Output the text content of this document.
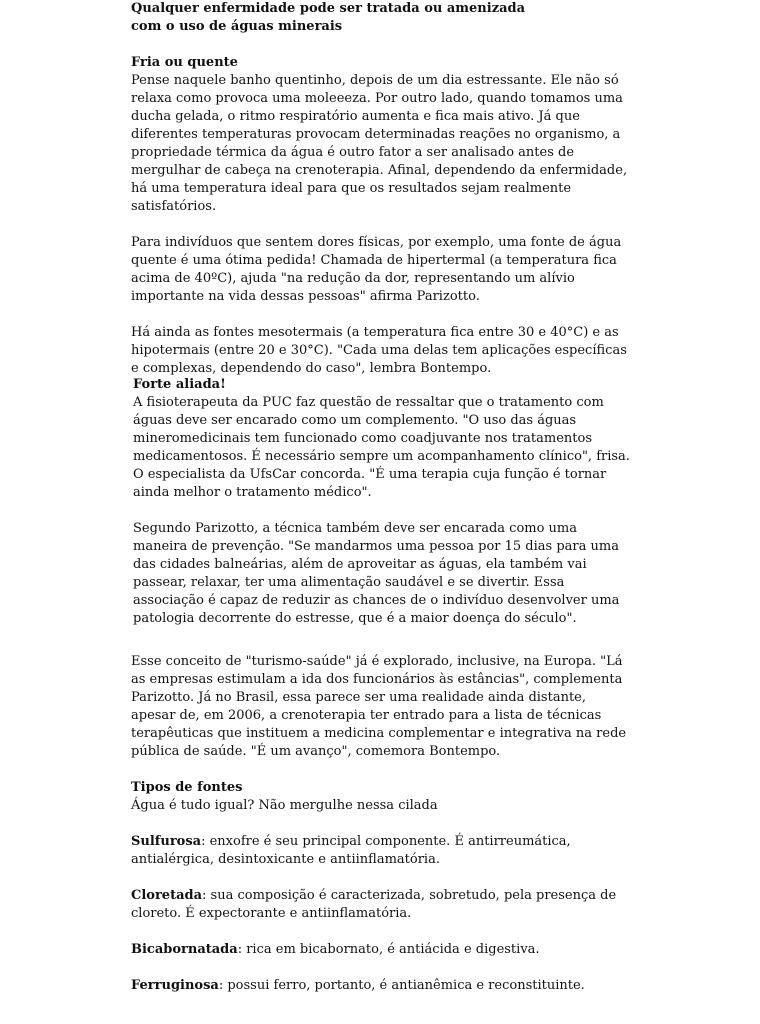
Qualquer enfermidade pode ser tratada ou amenizada

com o uso de águas minerais

Fria ou quente

Pense naquele banho quentinho, depois de um dia estressante. Ele não só relaxa como provoca uma moleeeza. Por outro lado, quando tomamos uma ducha gelada, o ritmo respiratório aumenta e fica mais ativo. Já que diferentes temperaturas provocam determinadas reações no organismo, a propriedade térmica da água é outro fator a ser analisado antes de mergulhar de cabeça na crenoterapia. Afinal, dependendo da enfermidade, há uma temperatura ideal para que os resultados sejam realmente satisfatórios.

Para indivíduos que sentem dores físicas, por exemplo, uma fonte de água quente é uma ótima pedida! Chamada de hipertermal (a temperatura fica acima de 40ºC), ajuda "na redução da dor, representando um alívio importante na vida dessas pessoas" afirma Parizotto.

Há ainda as fontes mesotermais (a temperatura fica entre 30 e 40°C) e as hipotermais (entre 20 e 30°C). "Cada uma delas tem aplicações específicas e complexas, dependendo do caso", lembra Bontempo.

Forte aliada!

A fisioterapeuta da PUC faz questão de ressaltar que o tratamento com águas deve ser encarado como um complemento. "O uso das águas mineromedicinais tem funcionado como coadjuvante nos tratamentos medicamentosos. É necessário sempre um acompanhamento clínico", frisa. O especialista da UfsCar concorda. "É uma terapia cuja função é tornar ainda melhor o tratamento médico".

Segundo Parizotto, a técnica também deve ser encarada como uma maneira de prevenção. "Se mandarmos uma pessoa por 15 dias para uma das cidades balneárias, além de aproveitar as águas, ela também vai passear, relaxar, ter uma alimentação saudável e se divertir. Essa associação é capaz de reduzir as chances de o indivíduo desenvolver uma patologia decorrente do estresse, que é a maior doença do século".

Esse conceito de "turismo-saúde" já é explorado, inclusive, na Europa. "Lá as empresas estimulam a ida dos funcionários às estâncias", complementa Parizotto. Já no Brasil, essa parece ser uma realidade ainda distante, apesar de, em 2006, a crenoterapia ter entrado para a lista de técnicas terapêuticas que instituem a medicina complementar e integrativa na rede pública de saúde. "É um avanço", comemora Bontempo.

Tipos de fontes

Água é tudo igual? Não mergulhe nessa cilada

Sulfurosa: enxofre é seu principal componente. É antirreumática, antialérgica, desintoxicante e antiinflamatória.

Cloretada: sua composição é caracterizada, sobretudo, pela presença de cloreto. É expectorante e antiinflamatória.

Bicabornatada: rica em bicabornato, é antiácida e digestiva.

Ferruginosa: possui ferro, portanto, é antianêmica e reconstituinte.
